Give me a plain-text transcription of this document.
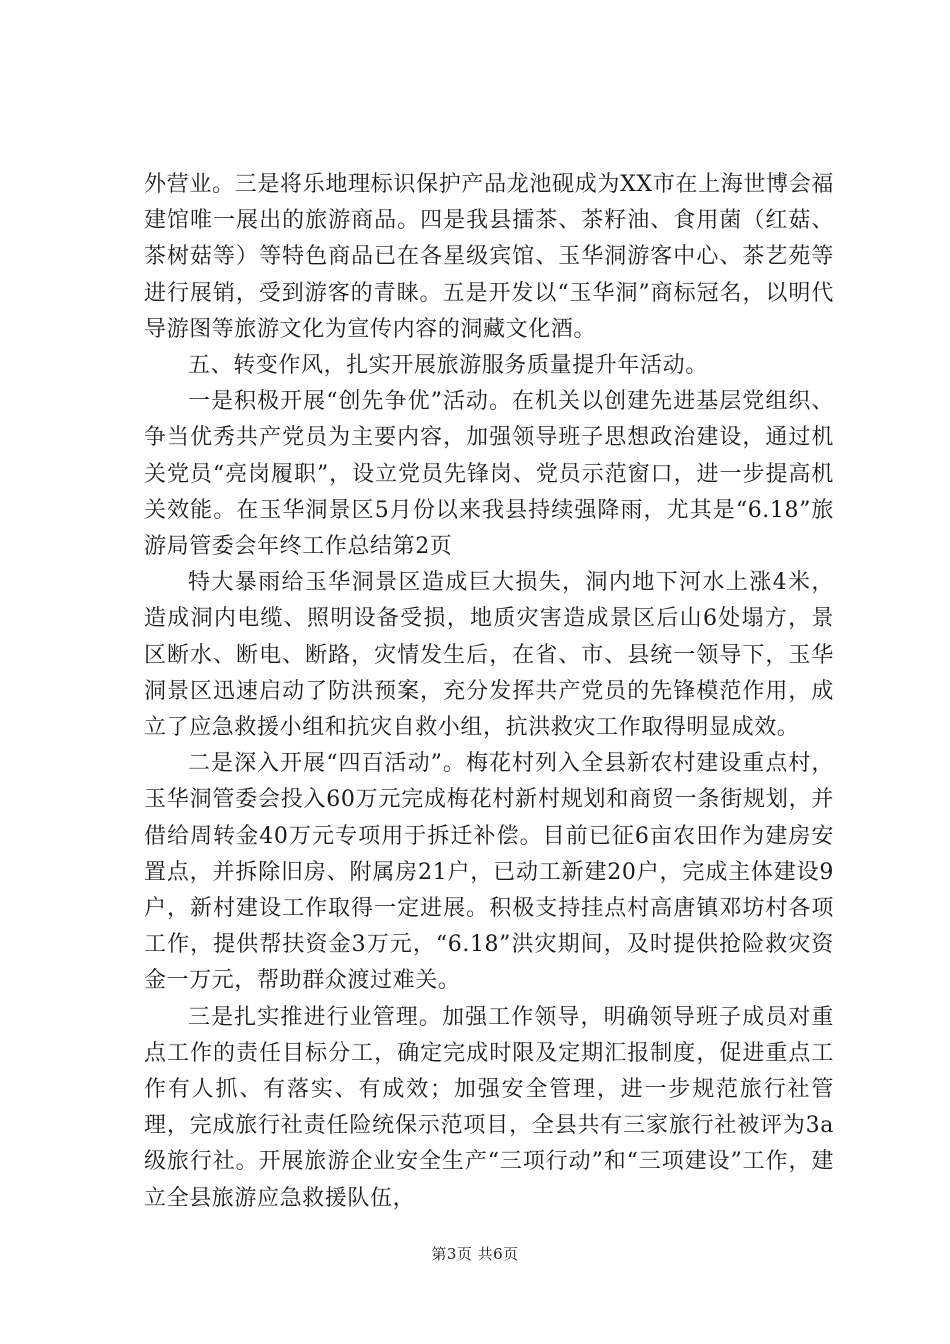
外营业。三是将乐地理标识保护产品龙池砚成为XX市在上海世博会福建馆唯一展出的旅游商品。四是我县擂茶、茶籽油、食用菌（红菇、茶树菇等）等特色商品已在各星级宾馆、玉华洞游客中心、茶艺苑等进行展销，受到游客的青睐。五是开发以“玉华洞”商标冠名，以明代导游图等旅游文化为宣传内容的洞藏文化酒。

五、转变作风，扎实开展旅游服务质量提升年活动。

一是积极开展“创先争优”活动。在机关以创建先进基层党组织、争当优秀共产党员为主要内容，加强领导班子思想政治建设，通过机关党员“亮岗履职”，设立党员先锋岗、党员示范窗口，进一步提高机关效能。在玉华洞景区5月份以来我县持续强降雨，尤其是“6.18”旅游局管委会年终工作总结第2页

特大暴雨给玉华洞景区造成巨大损失，洞内地下河水上涨4米，造成洞内电缆、照明设备受损，地质灾害造成景区后山6处塌方，景区断水、断电、断路，灾情发生后，在省、市、县统一领导下，玉华洞景区迅速启动了防洪预案，充分发挥共产党员的先锋模范作用，成立了应急救援小组和抗灾自救小组，抗洪救灾工作取得明显成效。

二是深入开展“四百活动”。梅花村列入全县新农村建设重点村，玉华洞管委会投入60万元完成梅花村新村规划和商贸一条街规划，并借给周转金40万元专项用于拆迁补偿。目前已征6亩农田作为建房安置点，并拆除旧房、附属房21户，已动工新建20户，完成主体建设9户，新村建设工作取得一定进展。积极支持挂点村高唐镇邓坊村各项工作，提供帮扶资金3万元，“6.18”洪灾期间，及时提供抢险救灾资金一万元，帮助群众渡过难关。

三是扎实推进行业管理。加强工作领导，明确领导班子成员对重点工作的责任目标分工，确定完成时限及定期汇报制度，促进重点工作有人抓、有落实、有成效；加强安全管理，进一步规范旅行社管理，完成旅行社责任险统保示范项目，全县共有三家旅行社被评为3a级旅行社。开展旅游企业安全生产“三项行动”和“三项建设”工作，建立全县旅游应急救援队伍，

第3页 共6页
